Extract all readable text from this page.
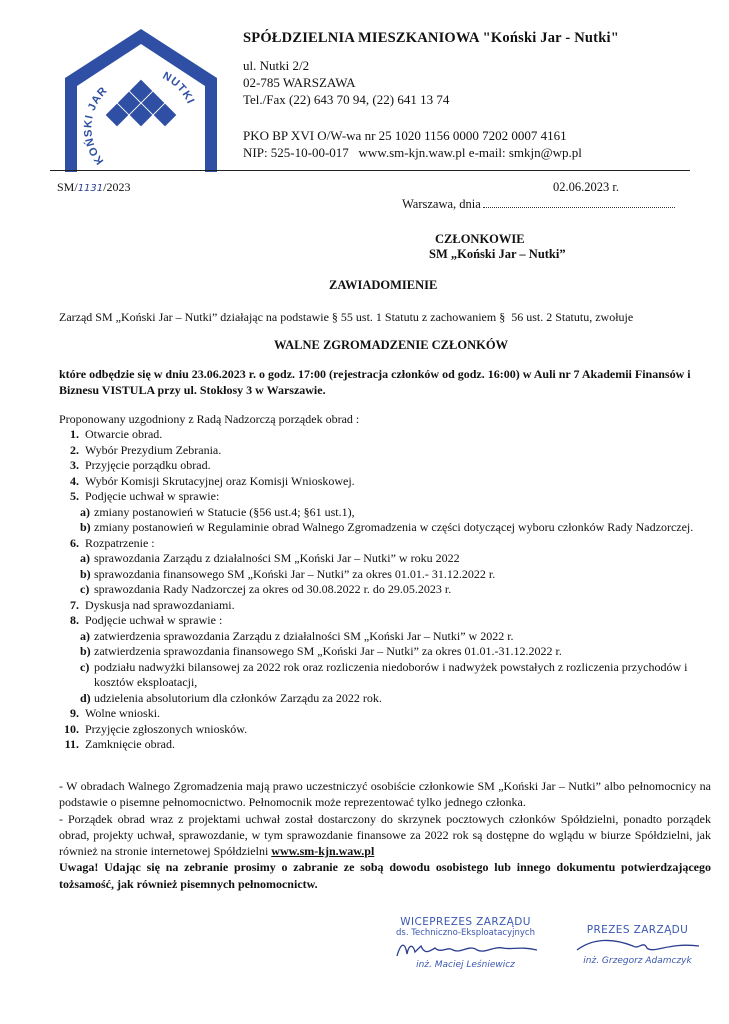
KOŃSKI JAR
NUTKI
SPÓŁDZIELNIA MIESZKANIOWA "Koński Jar - Nutki"
ul. Nutki 2/2
02-785 WARSZAWA
Tel./Fax (22) 643 70 94, (22) 641 13 74
PKO BP XVI O/W-wa nr 25 1020 1156 0000 7202 0007 4161
NIP: 525-10-00-017   www.sm-kjn.waw.pl e-mail: smkjn@wp.pl
SM/1131/2023	02.06.2023 r.
Warszawa, dnia
CZŁONKOWIE
SM „Koński Jar – Nutki”
ZAWIADOMIENIE
Zarząd SM „Koński Jar – Nutki” działając na podstawie § 55 ust. 1 Statutu z zachowaniem §  56 ust. 2 Statutu, zwołuje
WALNE ZGROMADZENIE CZŁONKÓW
które odbędzie się w dniu 23.06.2023 r. o godz. 17:00 (rejestracja członków od godz. 16:00) w Auli nr 7 Akademii Finansów i Biznesu VISTULA przy ul. Stokłosy 3 w Warszawie.
Proponowany uzgodniony z Radą Nadzorczą porządek obrad :
1. Otwarcie obrad.
2. Wybór Prezydium Zebrania.
3. Przyjęcie porządku obrad.
4. Wybór Komisji Skrutacyjnej oraz Komisji Wnioskowej.
5. Podjęcie uchwał w sprawie:
a) zmiany postanowień w Statucie (§56 ust.4; §61 ust.1),
b) zmiany postanowień w Regulaminie obrad Walnego Zgromadzenia w części dotyczącej wyboru członków Rady Nadzorczej.
6. Rozpatrzenie :
a) sprawozdania Zarządu z działalności SM „Koński Jar – Nutki” w roku 2022
b) sprawozdania finansowego SM „Koński Jar – Nutki” za okres 01.01.- 31.12.2022 r.
c) sprawozdania Rady Nadzorczej za okres od 30.08.2022 r. do 29.05.2023 r.
7. Dyskusja nad sprawozdaniami.
8. Podjęcie uchwał w sprawie :
a) zatwierdzenia sprawozdania Zarządu z działalności SM „Koński Jar – Nutki” w 2022 r.
b) zatwierdzenia sprawozdania finansowego SM „Koński Jar – Nutki” za okres 01.01.-31.12.2022 r.
c) podziału nadwyżki bilansowej za 2022 rok oraz rozliczenia niedoborów i nadwyżek powstałych z rozliczenia przychodów i kosztów eksploatacji,
d) udzielenia absolutorium dla członków Zarządu za 2022 rok.
9. Wolne wnioski.
10. Przyjęcie zgłoszonych wniosków.
11. Zamknięcie obrad.
- W obradach Walnego Zgromadzenia mają prawo uczestniczyć osobiście członkowie SM „Koński Jar – Nutki” albo pełnomocnicy na podstawie o pisemne pełnomocnictwo. Pełnomocnik może reprezentować tylko jednego członka.
- Porządek obrad wraz z projektami uchwał został dostarczony do skrzynek pocztowych członków Spółdzielni, ponadto porządek obrad, projekty uchwał, sprawozdanie, w tym sprawozdanie finansowe za 2022 rok są dostępne do wglądu w biurze Spółdzielni, jak również na stronie internetowej Spółdzielni www.sm-kjn.waw.pl
Uwaga! Udając się na zebranie prosimy o zabranie ze sobą dowodu osobistego lub innego dokumentu potwierdzającego tożsamość, jak również pisemnych pełnomocnictw.
WICEPREZES ZARZĄDU
ds. Techniczno-Eksploatacyjnych
inż. Maciej Leśniewicz
PREZES ZARZĄDU
inż. Grzegorz Adamczyk
